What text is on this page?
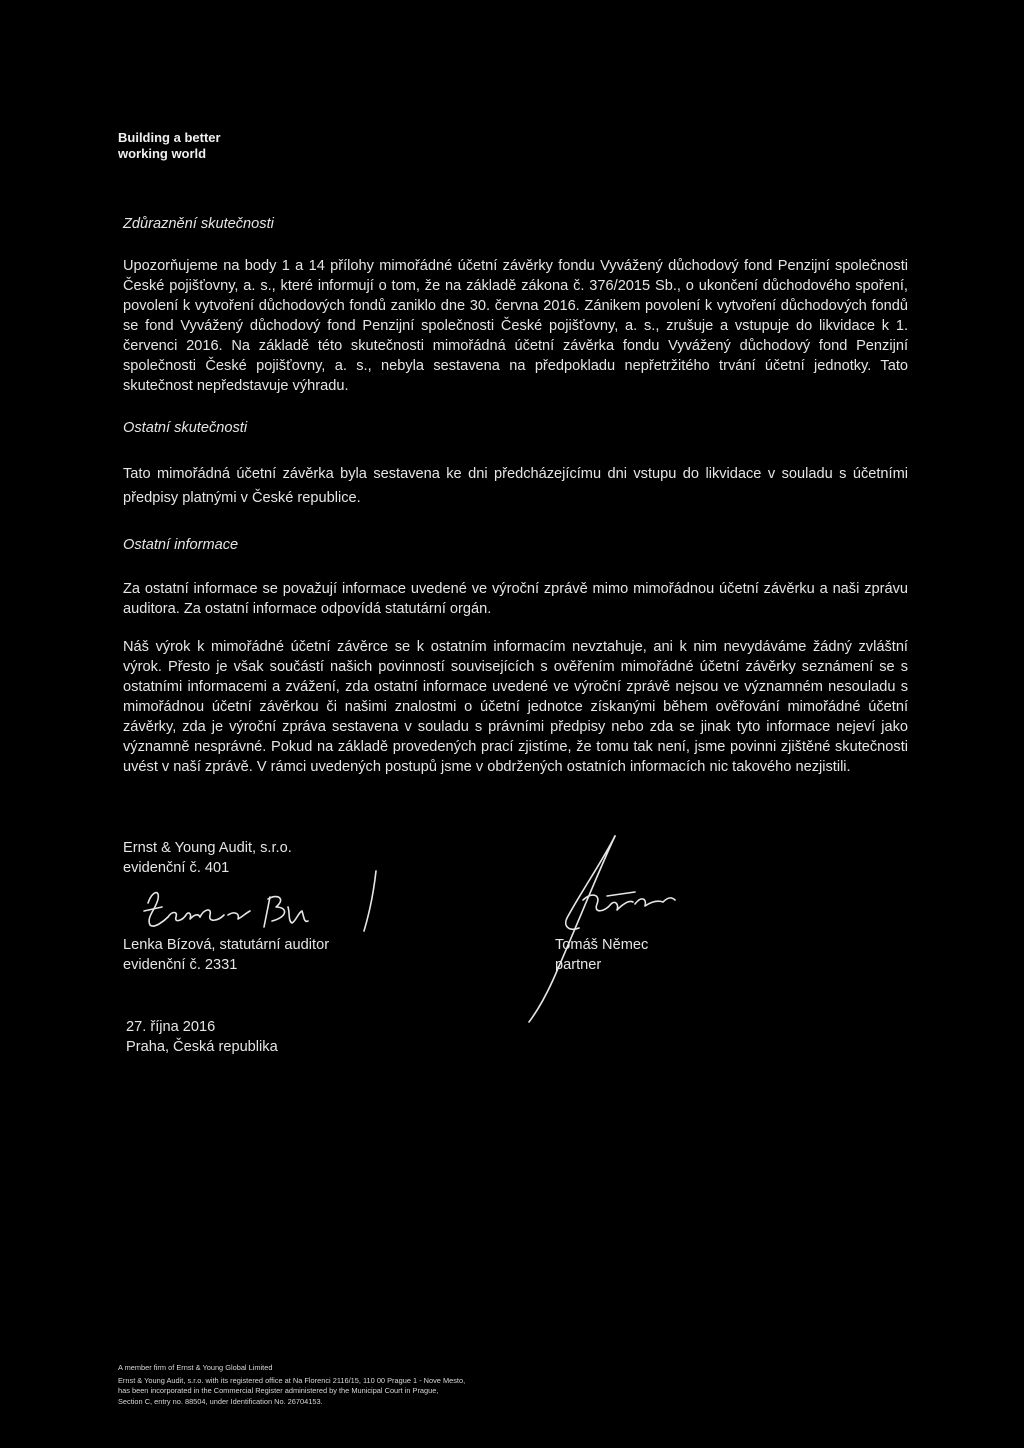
Building a better
working world

Zdůraznění skutečnosti

Upozorňujeme na body 1 a 14 přílohy mimořádné účetní závěrky fondu Vyvážený důchodový fond Penzijní společnosti České pojišťovny, a. s., které informují o tom, že na základě zákona č. 376/2015 Sb., o ukončení důchodového spoření, povolení k vytvoření důchodových fondů zaniklo dne 30. června 2016. Zánikem povolení k vytvoření důchodových fondů se fond Vyvážený důchodový fond Penzijní společnosti České pojišťovny, a. s., zrušuje a vstupuje do likvidace k 1. červenci 2016. Na základě této skutečnosti mimořádná účetní závěrka fondu Vyvážený důchodový fond Penzijní společnosti České pojišťovny, a. s., nebyla sestavena na předpokladu nepřetržitého trvání účetní jednotky. Tato skutečnost nepředstavuje výhradu.

Ostatní skutečnosti

Tato mimořádná účetní závěrka byla sestavena ke dni předcházejícímu dni vstupu do likvidace v souladu s účetními předpisy platnými v České republice.

Ostatní informace

Za ostatní informace se považují informace uvedené ve výroční zprávě mimo mimořádnou účetní závěrku a naši zprávu auditora. Za ostatní informace odpovídá statutární orgán.

Náš výrok k mimořádné účetní závěrce se k ostatním informacím nevztahuje, ani k nim nevydáváme žádný zvláštní výrok. Přesto je však součástí našich povinností souvisejících s ověřením mimořádné účetní závěrky seznámení se s ostatními informacemi a zvážení, zda ostatní informace uvedené ve výroční zprávě nejsou ve významném nesouladu s mimořádnou účetní závěrkou či našimi znalostmi o účetní jednotce získanými během ověřování mimořádné účetní závěrky, zda je výroční zpráva sestavena v souladu s právními předpisy nebo zda se jinak tyto informace nejeví jako významně nesprávné. Pokud na základě provedených prací zjistíme, že tomu tak není, jsme povinni zjištěné skutečnosti uvést v naší zprávě. V rámci uvedených postupů jsme v obdržených ostatních informacích nic takového nezjistili.

Ernst & Young Audit, s.r.o.
evidenční č. 401
Lenka Bízová, statutární auditor
evidenční č. 2331
Tomáš Němec
partner
27. října 2016
Praha, Česká republika
A member firm of Ernst & Young Global Limited
Ernst & Young Audit, s.r.o. with its registered office at Na Florenci 2116/15, 110 00 Prague 1 - Nove Mesto,
has been incorporated in the Commercial Register administered by the Municipal Court in Prague,
Section C, entry no. 88504, under Identification No. 26704153.
